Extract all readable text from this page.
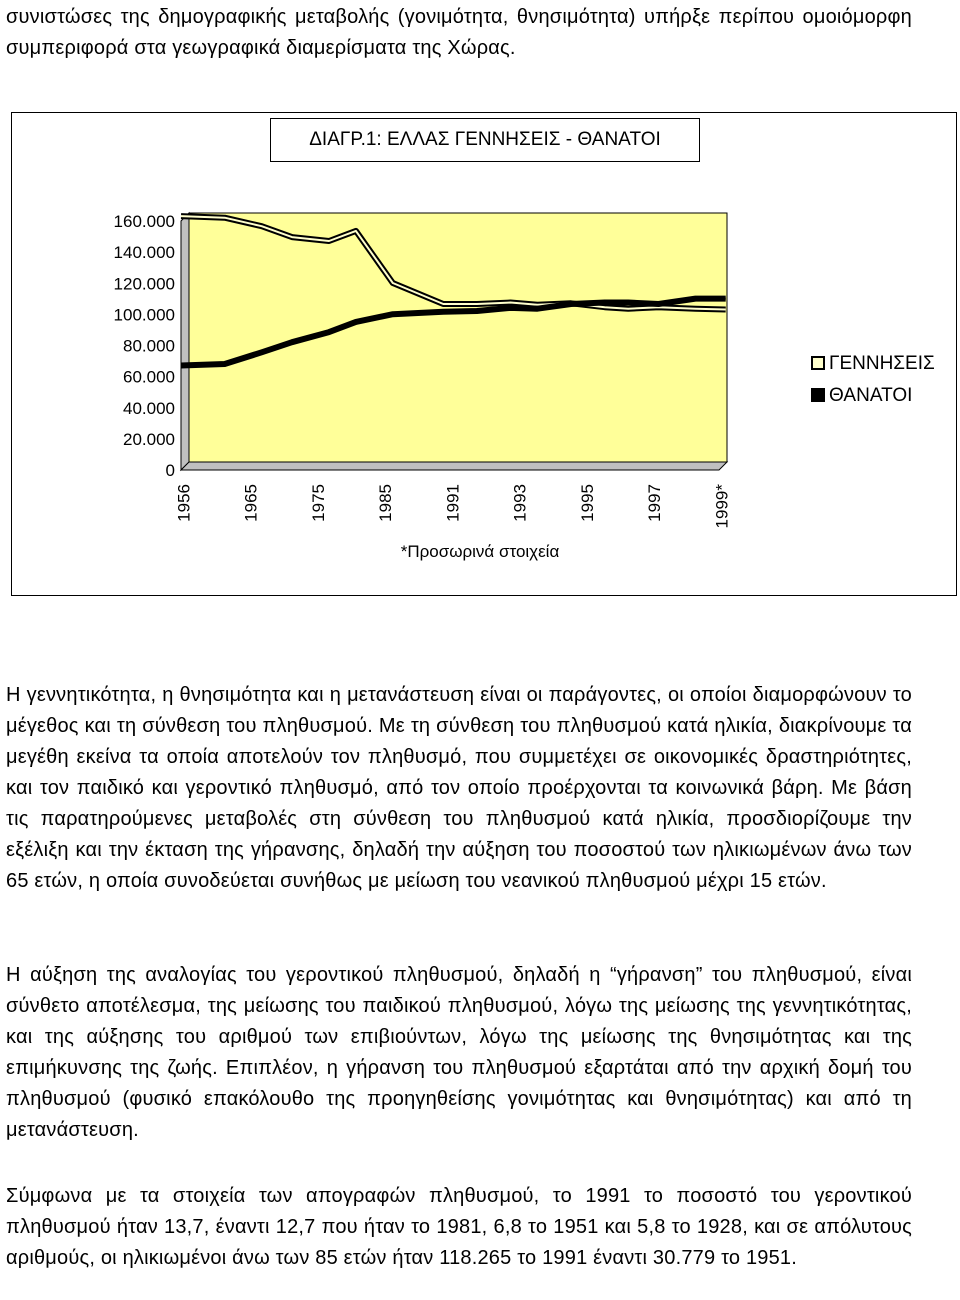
συνιστώσες της δημογραφικής μεταβολής (γονιμότητα, θνησιμότητα) υπήρξε περίπου ομοιόμορφη συμπεριφορά στα γεωγραφικά διαμερίσματα της Χώρας.
0
20.000
40.000
60.000
80.000
100.000
120.000
140.000
160.000
1956	1965	1975	1985	1991	1993	1995	1997	1999*
ΔΙΑΓΡ.1: ΕΛΛΑΣ ΓΕΝΝΗΣΕΙΣ - ΘΑΝΑΤΟΙ
ΓΕΝΝΗΣΕΙΣ
ΘΑΝΑΤΟΙ
*Προσωρινά στοιχεία
Η γεννητικότητα, η θνησιμότητα και η μετανάστευση είναι οι παράγοντες, οι οποίοι διαμορφώνουν το μέγεθος και τη σύνθεση του πληθυσμού. Με τη σύνθεση του πληθυσμού κατά ηλικία, διακρίνουμε τα μεγέθη εκείνα τα οποία αποτελούν τον πληθυσμό, που συμμετέχει σε οικονομικές δραστηριότητες, και τον παιδικό και γεροντικό πληθυσμό, από τον οποίο προέρχονται τα κοινωνικά βάρη. Με βάση τις παρατηρούμενες μεταβολές στη σύνθεση του πληθυσμού κατά ηλικία, προσδιορίζουμε την εξέλιξη και την έκταση της γήρανσης, δηλαδή την αύξηση του ποσοστού των ηλικιωμένων άνω των 65 ετών, η οποία συνοδεύεται συνήθως με μείωση του νεανικού πληθυσμού μέχρι 15 ετών.
Η αύξηση της αναλογίας του γεροντικού πληθυσμού, δηλαδή η “γήρανση” του πληθυσμού, είναι σύνθετο αποτέλεσμα, της μείωσης του παιδικού πληθυσμού, λόγω της μείωσης της γεννητικότητας, και της αύξησης του αριθμού των επιβιούντων, λόγω της μείωσης της θνησιμότητας και της επιμήκυνσης της ζωής. Επιπλέον, η γήρανση του πληθυσμού εξαρτάται από την αρχική δομή του πληθυσμού (φυσικό επακόλουθο της προηγηθείσης γονιμότητας και θνησιμότητας) και από τη μετανάστευση.
Σύμφωνα με τα στοιχεία των απογραφών πληθυσμού, το 1991 το ποσοστό του γεροντικού πληθυσμού ήταν 13,7, έναντι 12,7 που ήταν το 1981, 6,8 το 1951 και 5,8 το 1928, και σε απόλυτους αριθμούς, οι ηλικιωμένοι άνω των 85 ετών ήταν 118.265 το 1991 έναντι 30.779 το 1951.
